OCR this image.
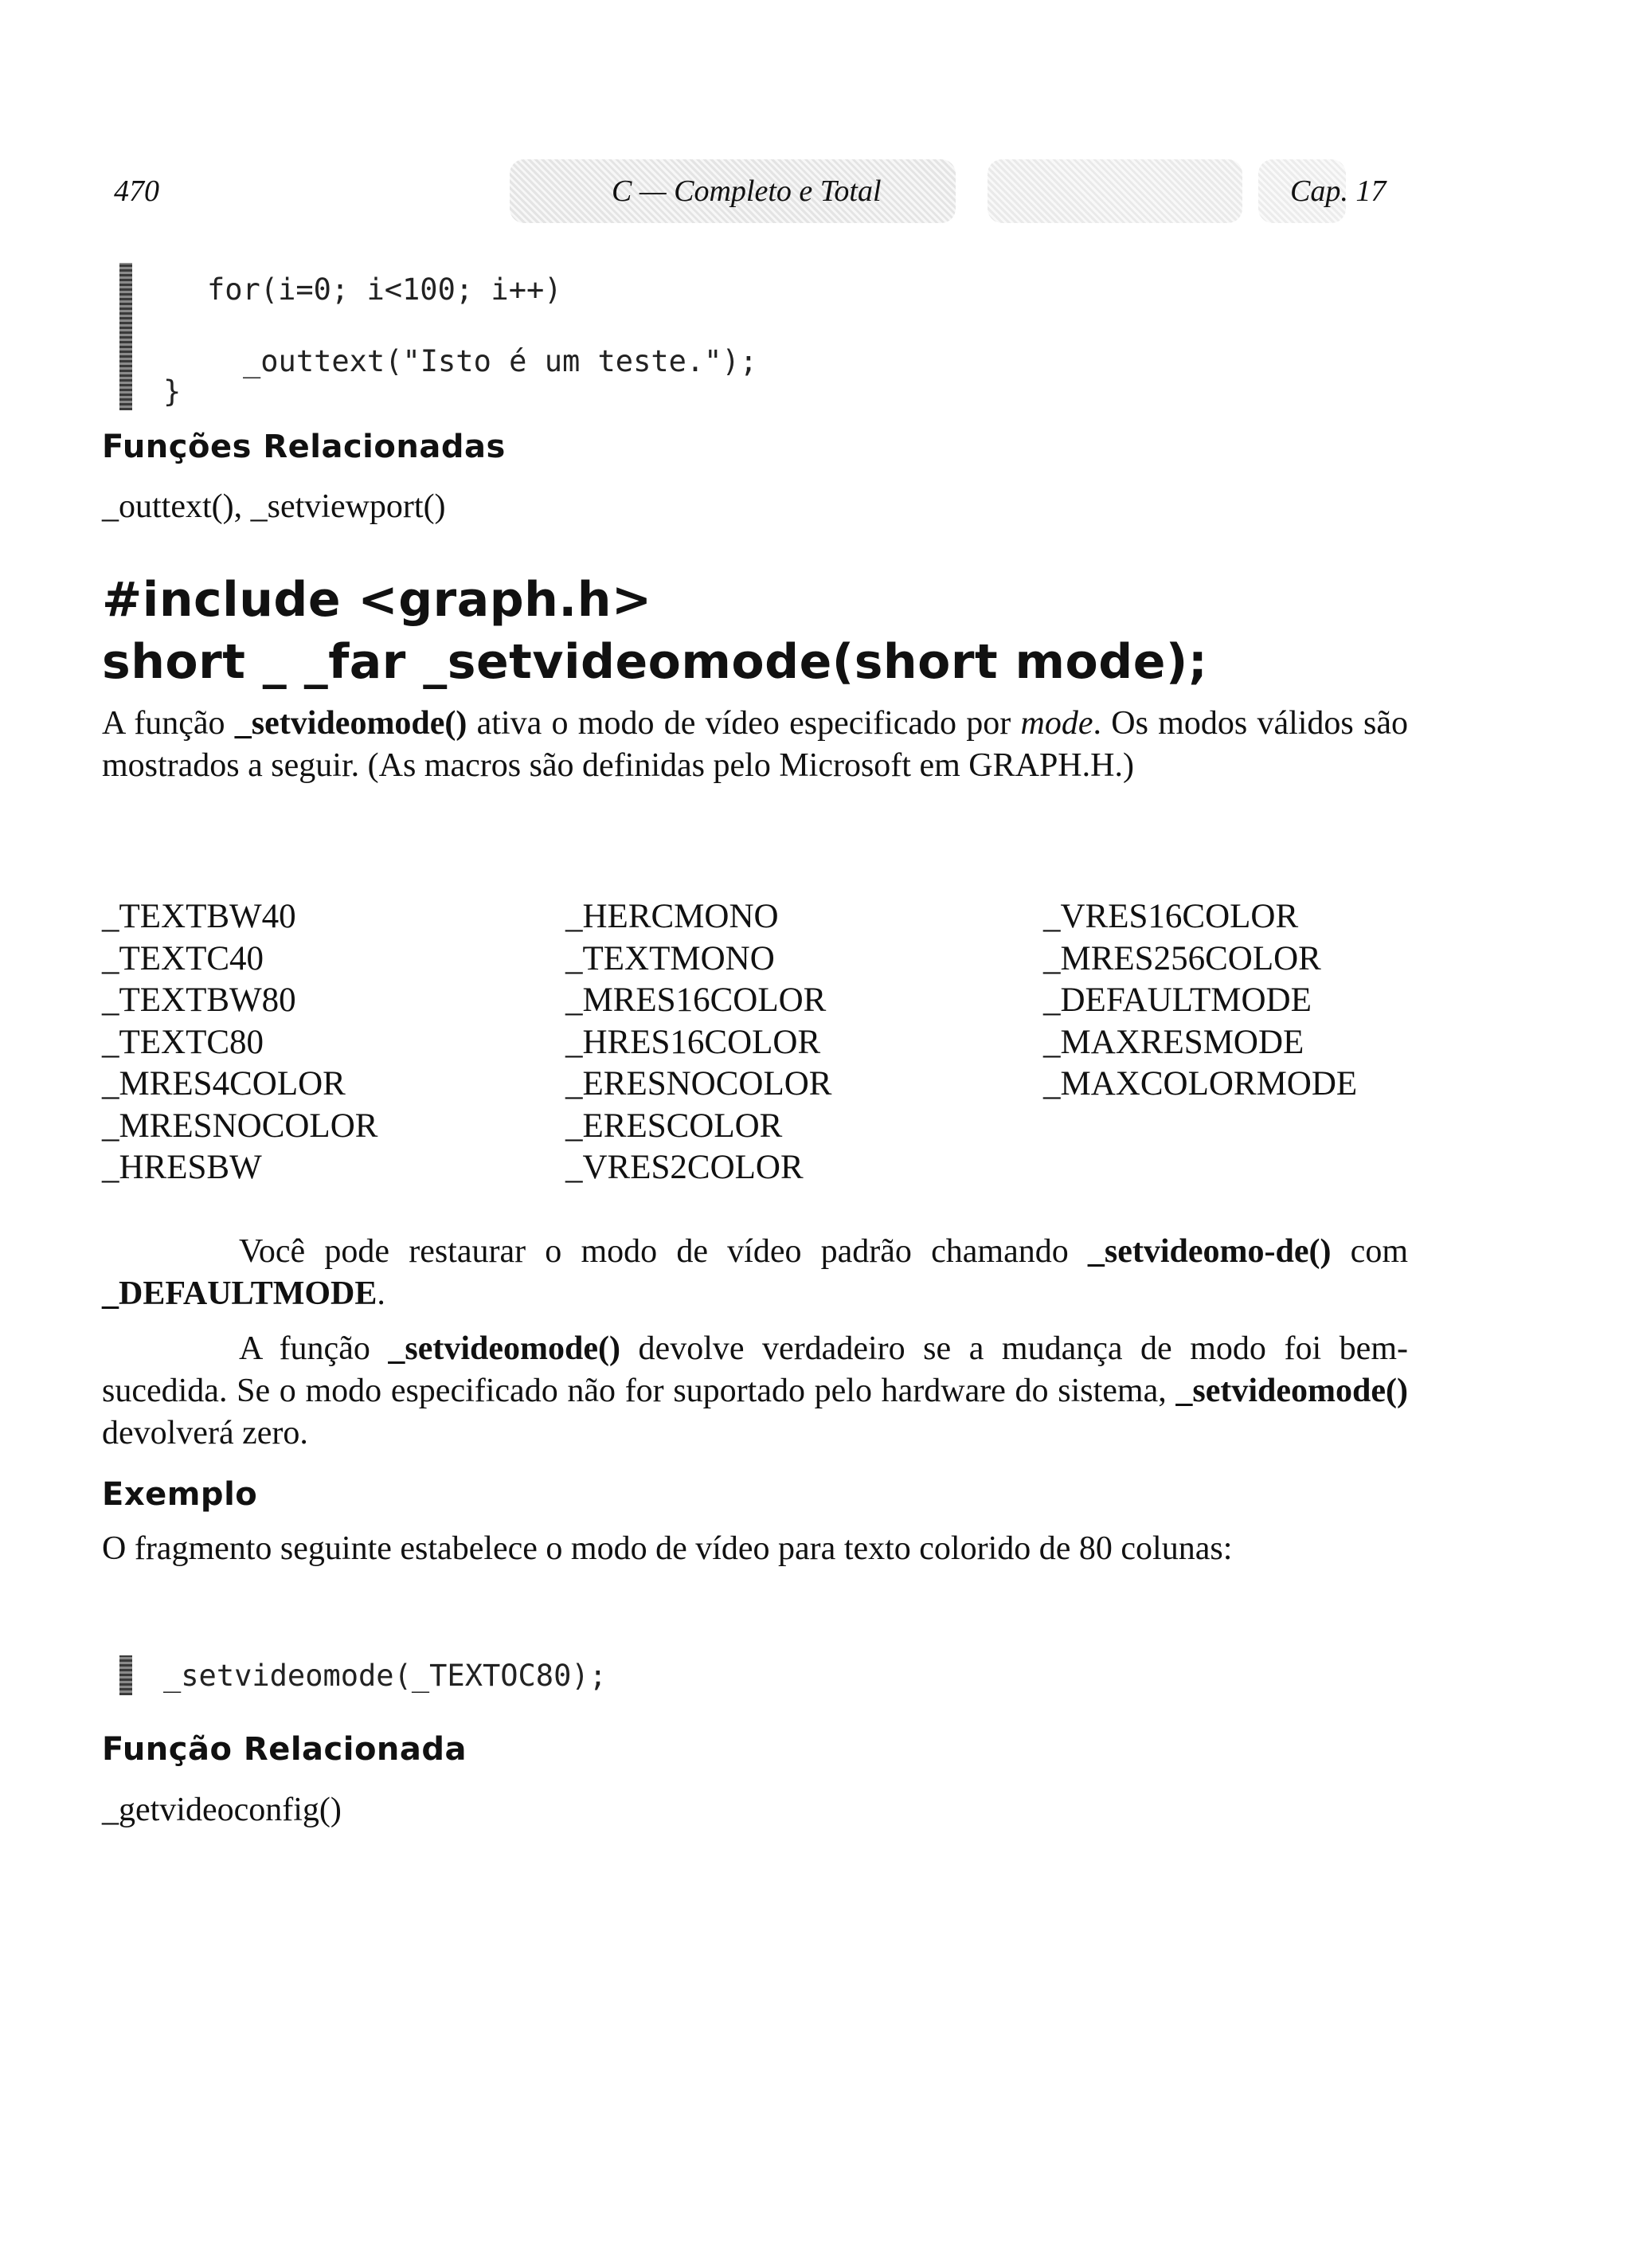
470	C — Completo e Total	Cap. 17
for(i=0; i<100; i++)
_outtext("Isto é um teste.");
}
Funções Relacionadas
_outtext(), _setviewport()
#include <graph.h>
short _ _far _setvideomode(short mode);
A função _setvideomode() ativa o modo de vídeo especificado por mode. Os modos válidos são mostrados a seguir. (As macros são definidas pelo Microsoft em GRAPH.H.)
_TEXTBW40
_TEXTC40
_TEXTBW80
_TEXTC80
_MRES4COLOR
_MRESNOCOLOR
_HRESBW
_HERCMONO
_TEXTMONO
_MRES16COLOR
_HRES16COLOR
_ERESNOCOLOR
_ERESCOLOR
_VRES2COLOR
_VRES16COLOR
_MRES256COLOR
_DEFAULTMODE
_MAXRESMODE
_MAXCOLORMODE
Você pode restaurar o modo de vídeo padrão chamando _setvideomo-de() com _DEFAULTMODE.
A função _setvideomode() devolve verdadeiro se a mudança de modo foi bem-sucedida. Se o modo especificado não for suportado pelo hardware do sistema, _setvideomode() devolverá zero.
Exemplo
O fragmento seguinte estabelece o modo de vídeo para texto colorido de 80 colunas:
_setvideomode(_TEXTOC80);
Função Relacionada
_getvideoconfig()
